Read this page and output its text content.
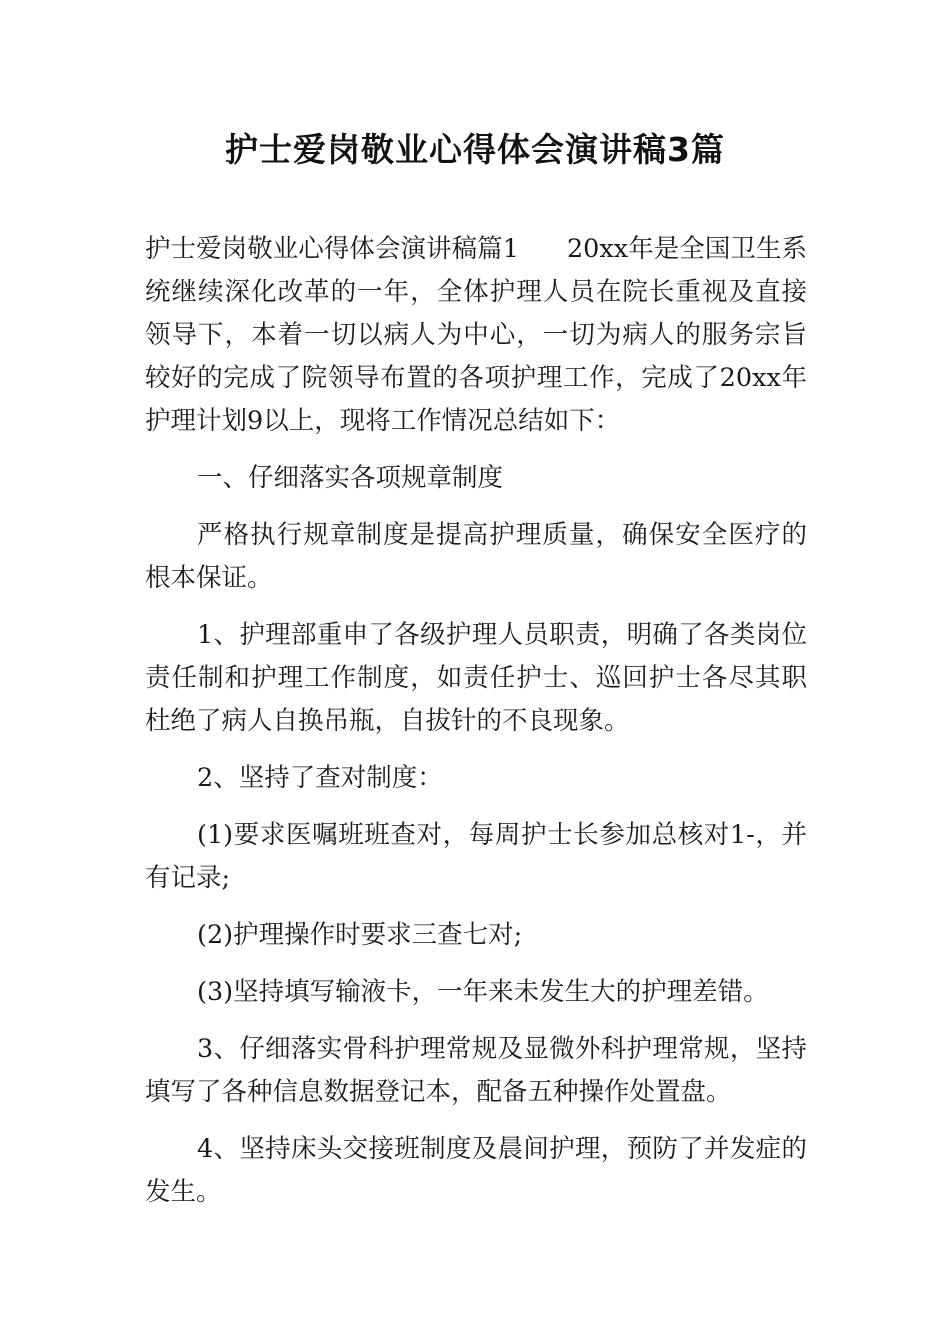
护士爱岗敬业心得体会演讲稿3篇

护士爱岗敬业心得体会演讲稿篇1 20xx年是全国卫生系统继续深化改革的一年，全体护理人员在院长重视及直接领导下，本着一切以病人为中心，一切为病人的服务宗旨较好的完成了院领导布置的各项护理工作，完成了20xx年护理计划9以上，现将工作情况总结如下：

一、仔细落实各项规章制度

严格执行规章制度是提高护理质量，确保安全医疗的根本保证。

1、护理部重申了各级护理人员职责，明确了各类岗位责任制和护理工作制度，如责任护士、巡回护士各尽其职杜绝了病人自换吊瓶，自拔针的不良现象。

2、坚持了查对制度：

(1)要求医嘱班班查对，每周护士长参加总核对1-，并有记录;

(2)护理操作时要求三查七对;

(3)坚持填写输液卡，一年来未发生大的护理差错。

3、仔细落实骨科护理常规及显微外科护理常规，坚持填写了各种信息数据登记本，配备五种操作处置盘。

4、坚持床头交接班制度及晨间护理，预防了并发症的发生。
